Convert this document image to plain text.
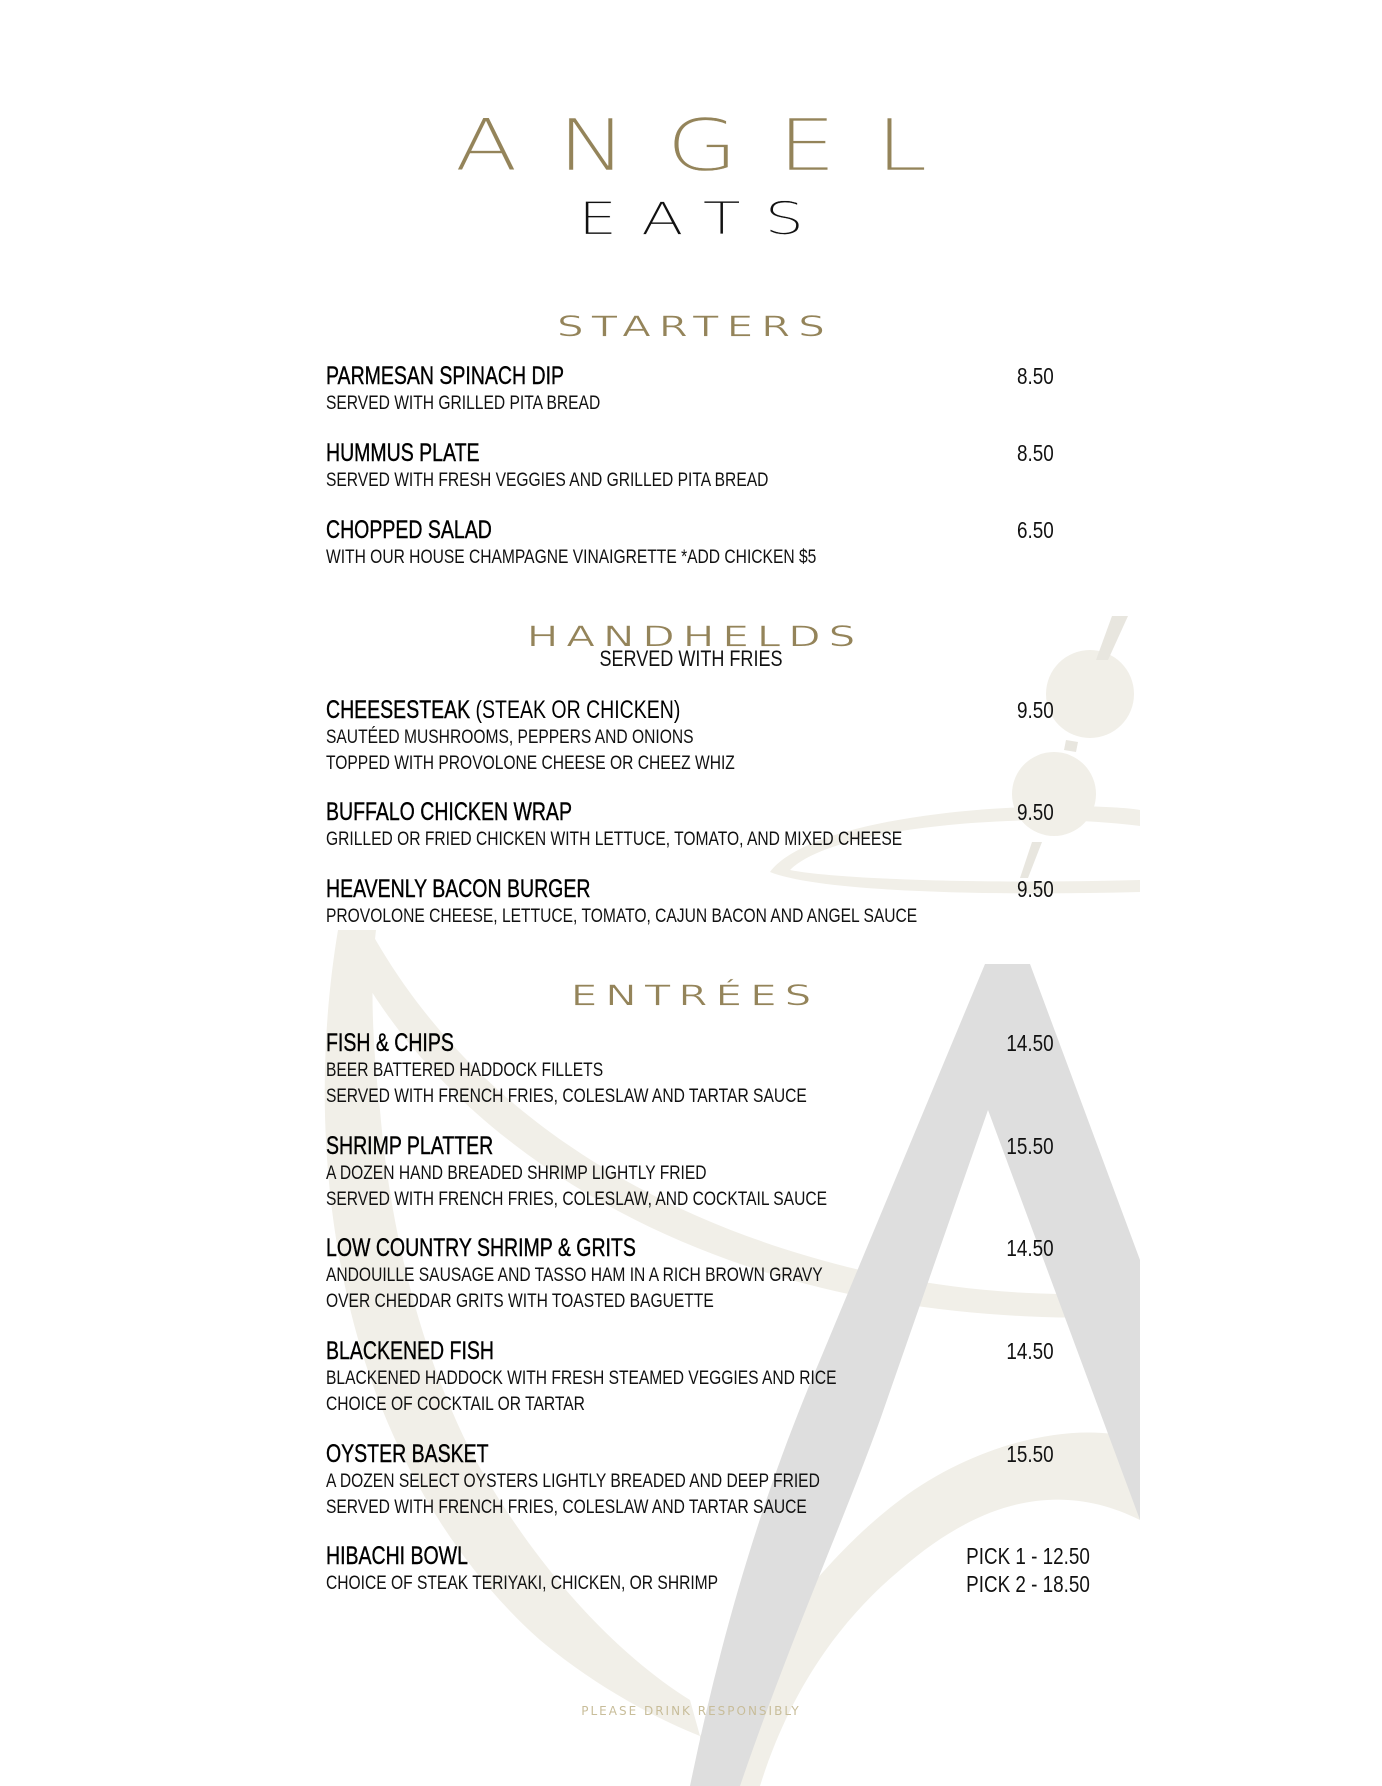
ANGEL
EATS
STARTERS
PARMESAN SPINACH DIP
SERVED WITH GRILLED PITA BREAD
8.50
HUMMUS PLATE
SERVED WITH FRESH VEGGIES AND GRILLED PITA BREAD
8.50
CHOPPED SALAD
WITH OUR HOUSE CHAMPAGNE VINAIGRETTE *ADD CHICKEN $5
6.50
HANDHELDS
SERVED WITH FRIES
CHEESESTEAK (STEAK OR CHICKEN)
SAUTÉED MUSHROOMS, PEPPERS AND ONIONS
TOPPED WITH PROVOLONE CHEESE OR CHEEZ WHIZ
9.50
BUFFALO CHICKEN WRAP
GRILLED OR FRIED CHICKEN WITH LETTUCE, TOMATO, AND MIXED CHEESE
9.50
HEAVENLY BACON BURGER
PROVOLONE CHEESE, LETTUCE, TOMATO, CAJUN BACON AND ANGEL SAUCE
9.50
ENTRÉES
FISH & CHIPS
BEER BATTERED HADDOCK FILLETS
SERVED WITH FRENCH FRIES, COLESLAW AND TARTAR SAUCE
14.50
SHRIMP PLATTER
A DOZEN HAND BREADED SHRIMP LIGHTLY FRIED
SERVED WITH FRENCH FRIES, COLESLAW, AND COCKTAIL SAUCE
15.50
LOW COUNTRY SHRIMP & GRITS
ANDOUILLE SAUSAGE AND TASSO HAM IN A RICH BROWN GRAVY
OVER CHEDDAR GRITS WITH TOASTED BAGUETTE
14.50
BLACKENED FISH
BLACKENED HADDOCK WITH FRESH STEAMED VEGGIES AND RICE
CHOICE OF COCKTAIL OR TARTAR
14.50
OYSTER BASKET
A DOZEN SELECT OYSTERS LIGHTLY BREADED AND DEEP FRIED
SERVED WITH FRENCH FRIES, COLESLAW AND TARTAR SAUCE
15.50
HIBACHI BOWL
CHOICE OF STEAK TERIYAKI, CHICKEN, OR SHRIMP
PICK 1 - 12.50
PICK 2 - 18.50
PLEASE DRINK RESPONSIBLY
